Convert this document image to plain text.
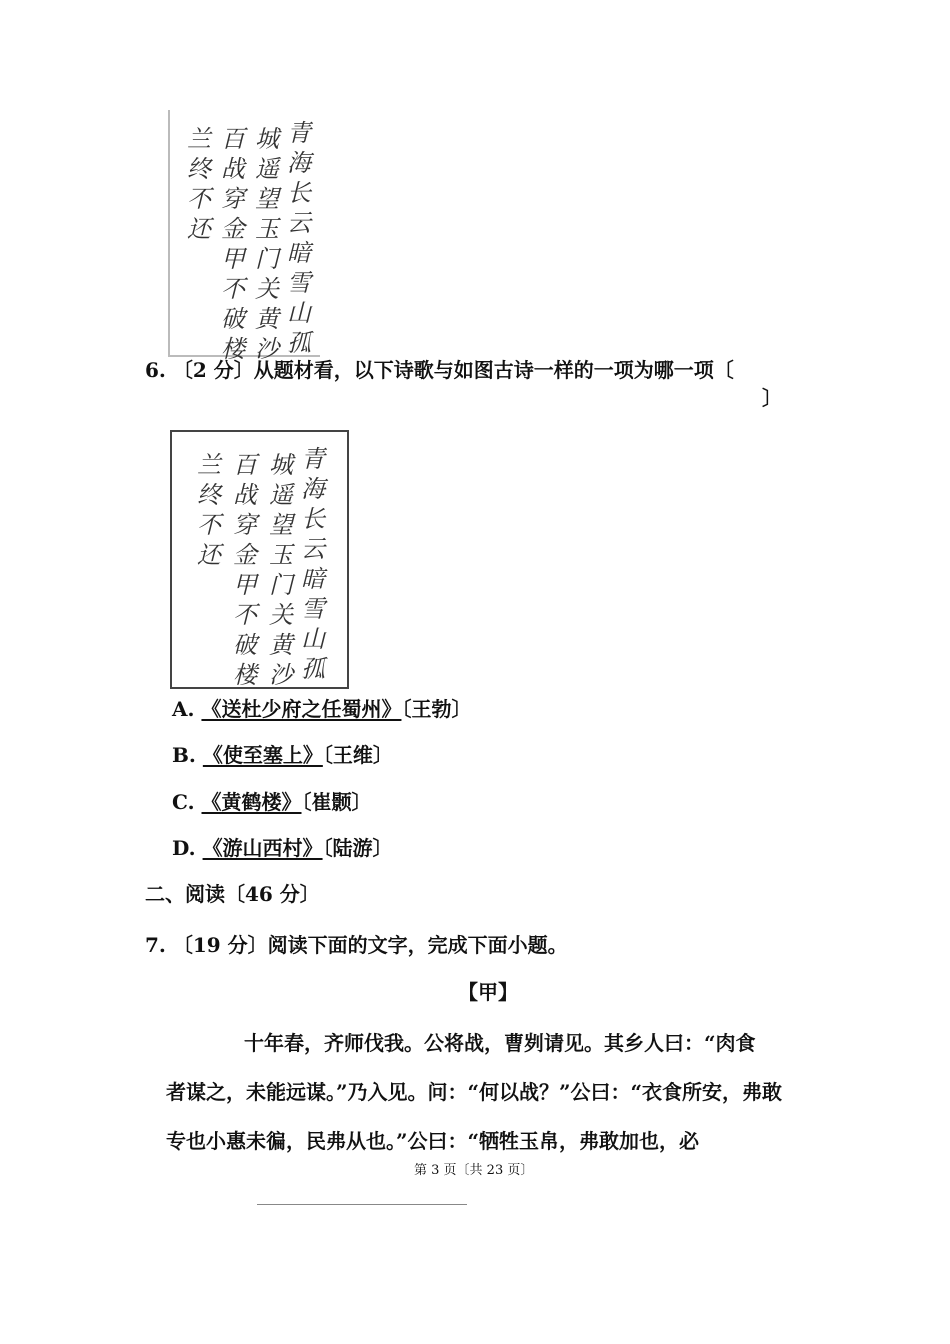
青海长云暗雪山孤
城遥望玉门关黄沙
百战穿金甲不破楼
兰终不还
6. 〔2 分〕从题材看，以下诗歌与如图古诗一样的一项为哪一项〔
〕
青海长云暗雪山孤
城遥望玉门关黄沙
百战穿金甲不破楼
兰终不还
A. 《送杜少府之任蜀州》〔王勃〕
B. 《使至塞上》〔王维〕
C. 《黄鹤楼》〔崔颢〕
D. 《游山西村》〔陆游〕
二、阅读〔46 分〕
7. 〔19 分〕阅读下面的文字，完成下面小题。
【甲】
十年春，齐师伐我。公将战，曹刿请见。其乡人曰：“肉食
者谋之，未能远谋。”乃入见。问：“何以战？”公曰：“衣食所安，弗敢
专也小惠未徧，民弗从也。”公曰：“牺牲玉帛，弗敢加也，必
第 3 页〔共 23 页〕
